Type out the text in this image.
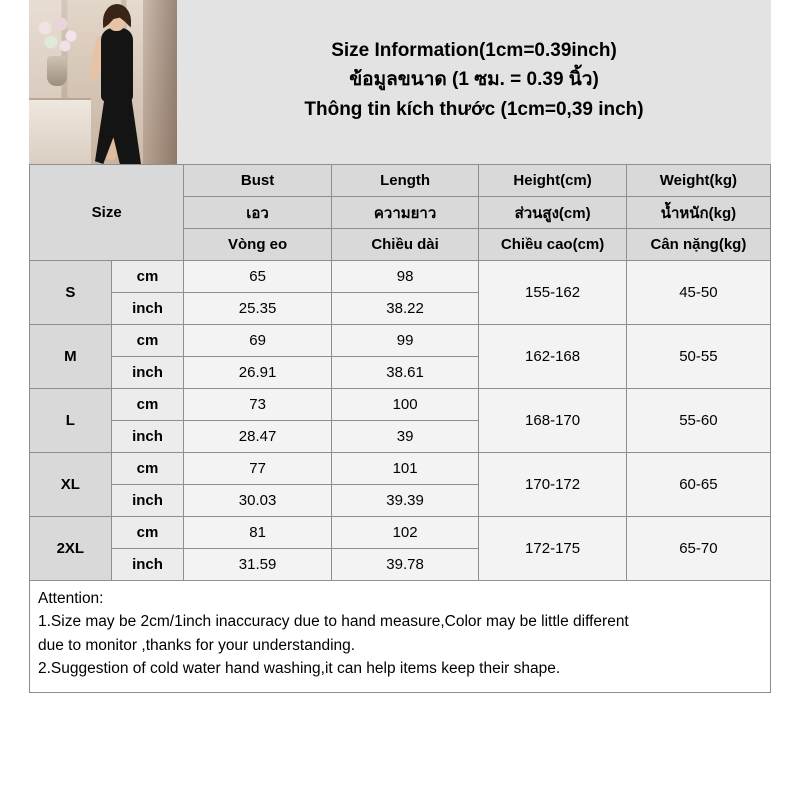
Size Information(1cm=0.39inch)
ข้อมูลขนาด (1 ซม. = 0.39 นิ้ว)
Thông tin kích thước (1cm=0,39 inch)
Size		Bust	Length	Height(cm)	Weight(kg)
		เอว	ความยาว	ส่วนสูง(cm)	น้ำหนัก(kg)
		Vòng eo	Chiều dài	Chiều cao(cm)	Cân nặng(kg)
S	cm	65	98	155-162	45-50
	inch	25.35	38.22		
M	cm	69	99	162-168	50-55
	inch	26.91	38.61		
L	cm	73	100	168-170	55-60
	inch	28.47	39		
XL	cm	77	101	170-172	60-65
	inch	30.03	39.39		
2XL	cm	81	102	172-175	65-70
	inch	31.59	39.78		

Attention:

1.Size may be 2cm/1inch inaccuracy due to hand measure,Color may be little different

due to monitor ,thanks for your understanding.

2.Suggestion of cold water hand washing,it can help items keep their shape.
